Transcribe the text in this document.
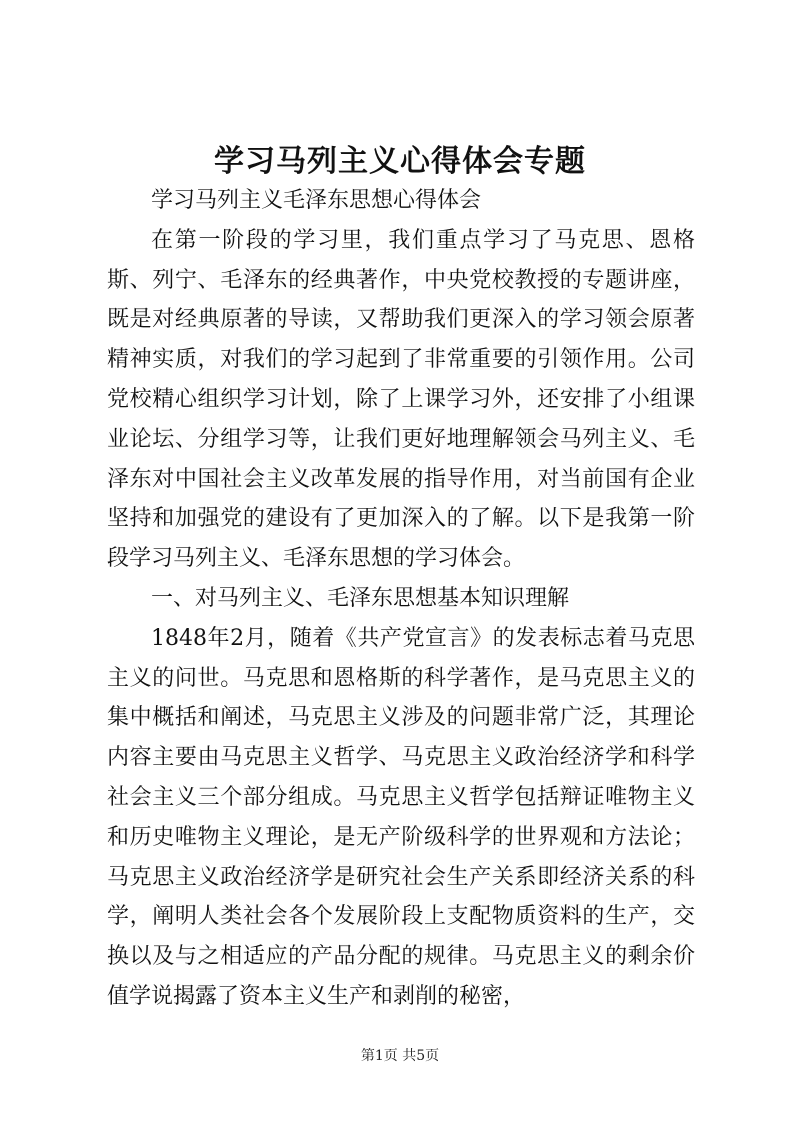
学习马列主义心得体会专题

学习马列主义毛泽东思想心得体会

在第一阶段的学习里，我们重点学习了马克思、恩格斯、列宁、毛泽东的经典著作，中央党校教授的专题讲座，既是对经典原著的导读，又帮助我们更深入的学习领会原著精神实质，对我们的学习起到了非常重要的引领作用。公司党校精心组织学习计划，除了上课学习外，还安排了小组课业论坛、分组学习等，让我们更好地理解领会马列主义、毛泽东对中国社会主义改革发展的指导作用，对当前国有企业坚持和加强党的建设有了更加深入的了解。以下是我第一阶段学习马列主义、毛泽东思想的学习体会。

一、对马列主义、毛泽东思想基本知识理解

1848年2月，随着《共产党宣言》的发表标志着马克思主义的问世。马克思和恩格斯的科学著作，是马克思主义的集中概括和阐述，马克思主义涉及的问题非常广泛，其理论内容主要由马克思主义哲学、马克思主义政治经济学和科学社会主义三个部分组成。马克思主义哲学包括辩证唯物主义和历史唯物主义理论，是无产阶级科学的世界观和方法论；马克思主义政治经济学是研究社会生产关系即经济关系的科学，阐明人类社会各个发展阶段上支配物质资料的生产，交换以及与之相适应的产品分配的规律。马克思主义的剩余价值学说揭露了资本主义生产和剥削的秘密，

第1页 共5页
